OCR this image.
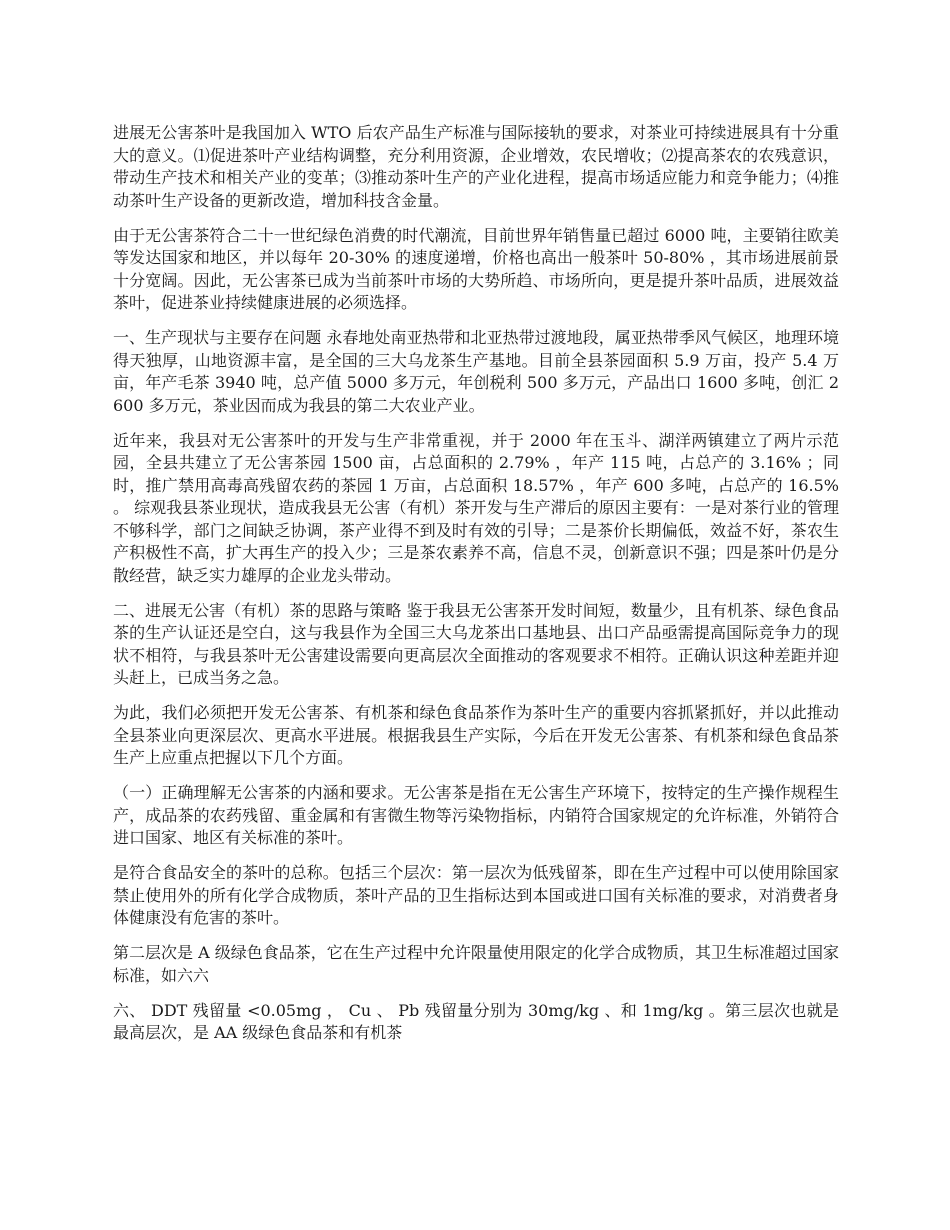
进展无公害茶叶是我国加入 WTO 后农产品生产标准与国际接轨的要求，对茶业可持续进展具有十分重大的意义。⑴促进茶叶产业结构调整，充分利用资源，企业增效，农民增收；⑵提高茶农的农残意识，带动生产技术和相关产业的变革；⑶推动茶叶生产的产业化进程，提高市场适应能力和竞争能力；⑷推动茶叶生产设备的更新改造，增加科技含金量。

由于无公害茶符合二十一世纪绿色消费的时代潮流，目前世界年销售量已超过 6000 吨，主要销往欧美等发达国家和地区，并以每年 20-30% 的速度递增，价格也高出一般茶叶 50-80% ，其市场进展前景十分宽阔。因此，无公害茶已成为当前茶叶市场的大势所趋、市场所向，更是提升茶叶品质，进展效益茶叶，促进茶业持续健康进展的必须选择。

一、生产现状与主要存在问题 永春地处南亚热带和北亚热带过渡地段，属亚热带季风气候区，地理环境得天独厚，山地资源丰富，是全国的三大乌龙茶生产基地。目前全县茶园面积 5.9 万亩，投产 5.4 万亩，年产毛茶 3940 吨，总产值 5000 多万元，年创税利 500 多万元，产品出口 1600 多吨，创汇 2600 多万元，茶业因而成为我县的第二大农业产业。

近年来，我县对无公害茶叶的开发与生产非常重视，并于 2000 年在玉斗、湖洋两镇建立了两片示范园，全县共建立了无公害茶园 1500 亩，占总面积的 2.79% ，年产 115 吨，占总产的 3.16% ；同时，推广禁用高毒高残留农药的茶园 1 万亩，占总面积 18.57% ，年产 600 多吨，占总产的 16.5% 。 综观我县茶业现状，造成我县无公害（有机）茶开发与生产滞后的原因主要有：一是对茶行业的管理不够科学，部门之间缺乏协调，茶产业得不到及时有效的引导；二是茶价长期偏低，效益不好，茶农生产积极性不高，扩大再生产的投入少；三是茶农素养不高，信息不灵，创新意识不强；四是茶叶仍是分散经营，缺乏实力雄厚的企业龙头带动。

二、进展无公害（有机）茶的思路与策略 鉴于我县无公害茶开发时间短，数量少，且有机茶、绿色食品茶的生产认证还是空白，这与我县作为全国三大乌龙茶出口基地县、出口产品亟需提高国际竞争力的现状不相符，与我县茶叶无公害建设需要向更高层次全面推动的客观要求不相符。正确认识这种差距并迎头赶上，已成当务之急。

为此，我们必须把开发无公害茶、有机茶和绿色食品茶作为茶叶生产的重要内容抓紧抓好，并以此推动全县茶业向更深层次、更高水平进展。根据我县生产实际，今后在开发无公害茶、有机茶和绿色食品茶生产上应重点把握以下几个方面。

（一）正确理解无公害茶的内涵和要求。无公害茶是指在无公害生产环境下，按特定的生产操作规程生产，成品茶的农药残留、重金属和有害微生物等污染物指标，内销符合国家规定的允许标准，外销符合进口国家、地区有关标准的茶叶。

是符合食品安全的茶叶的总称。包括三个层次：第一层次为低残留茶，即在生产过程中可以使用除国家禁止使用外的所有化学合成物质，茶叶产品的卫生指标达到本国或进口国有关标准的要求，对消费者身体健康没有危害的茶叶。

第二层次是 A 级绿色食品茶，它在生产过程中允许限量使用限定的化学合成物质，其卫生标准超过国家标准，如六六

六、 DDT 残留量 <0.05mg ， Cu 、 Pb 残留量分别为 30mg/kg 、和 1mg/kg 。第三层次也就是最高层次，是 AA 级绿色食品茶和有机茶
